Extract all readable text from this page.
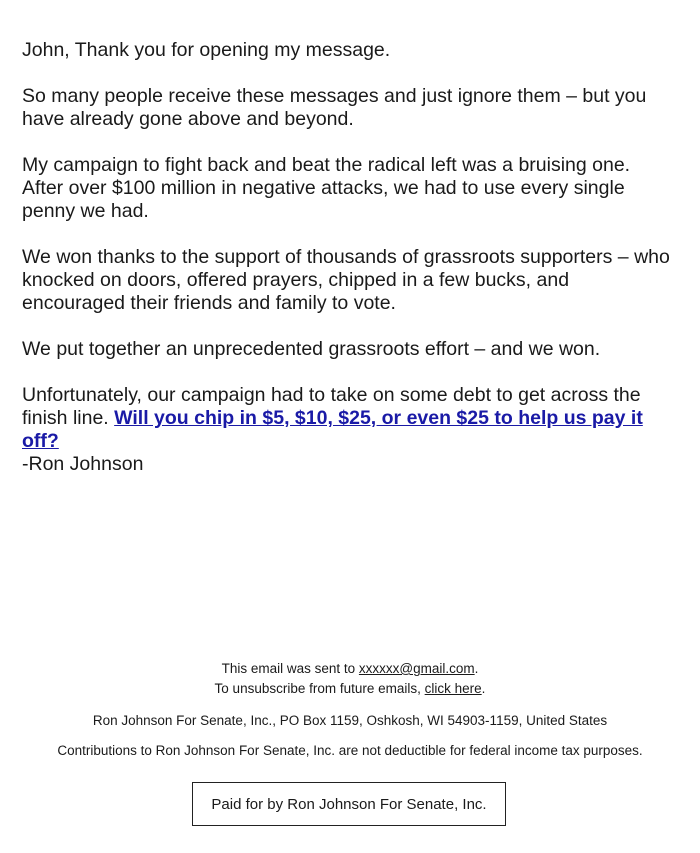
John, Thank you for opening my message.

So many people receive these messages and just ignore them – but you have already gone above and beyond.

My campaign to fight back and beat the radical left was a bruising one. After over $100 million in negative attacks, we had to use every single penny we had.

We won thanks to the support of thousands of grassroots supporters – who knocked on doors, offered prayers, chipped in a few bucks, and encouraged their friends and family to vote.

We put together an unprecedented grassroots effort – and we won.

Unfortunately, our campaign had to take on some debt to get across the finish line. Will you chip in $5, $10, $25, or even $25 to help us pay it off?

-Ron Johnson
This email was sent to xxxxxx@gmail.com.
To unsubscribe from future emails, click here.
Ron Johnson For Senate, Inc., PO Box 1159, Oshkosh, WI 54903-1159, United States
Contributions to Ron Johnson For Senate, Inc. are not deductible for federal income tax purposes.
Paid for by Ron Johnson For Senate, Inc.
